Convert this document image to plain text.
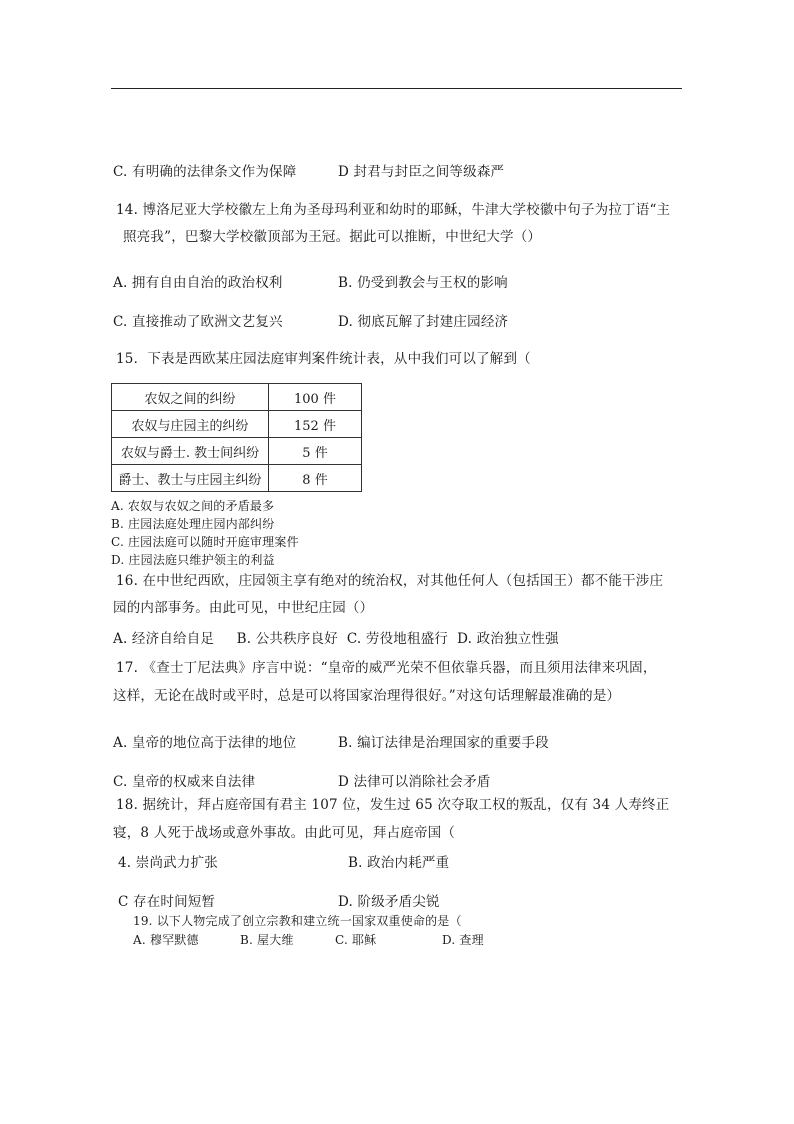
C. 有明确的法律条文作为保障	D 封君与封臣之间等级森严
14. 博洛尼亚大学校徽左上角为圣母玛利亚和幼时的耶稣，牛津大学校徽中句子为拉丁语“主
照亮我”，巴黎大学校徽顶部为王冠。据此可以推断，中世纪大学（）
A. 拥有自由自治的政治权利	B. 仍受到教会与王权的影响
C. 直接推动了欧洲文艺复兴	D. 彻底瓦解了封建庄园经济
15．下表是西欧某庄园法庭审判案件统计表，从中我们可以了解到（
农奴之间的纠纷	100 件
农奴与庄园主的纠纷	152 件
农奴与爵士. 教士间纠纷	5 件
爵士、教士与庄园主纠纷	8 件
A. 农奴与农奴之间的矛盾最多
B. 庄园法庭处理庄园内部纠纷
C. 庄园法庭可以随时开庭审理案件
D. 庄园法庭只维护领主的利益
16. 在中世纪西欧，庄园领主享有绝对的统治权，对其他任何人（包括国王）都不能干涉庄
园的内部事务。由此可见，中世纪庄园（）
A. 经济自给自足     B. 公共秩序良好  C. 劳役地租盛行  D. 政治独立性强
17. 《查士丁尼法典》序言中说：“皇帝的威严光荣不但依靠兵器，而且须用法律来巩固，
这样，无论在战时或平时，总是可以将国家治理得很好。”对这句话理解最准确的是）
A. 皇帝的地位高于法律的地位	B. 编订法律是治理国家的重要手段
C. 皇帝的权威来自法律	D 法律可以消除社会矛盾
18. 据统计，拜占庭帝国有君主 107 位，发生过 65 次夺取工权的叛乱，仅有 34 人寿终正
寝，8 人死于战场或意外事故。由此可见，拜占庭帝国（
4. 崇尚武力扩张	B. 政治内耗严重
C 存在时间短暂	D. 阶级矛盾尖锐
19. 以下人物完成了创立宗教和建立统一国家双重使命的是（
A. 穆罕默德	B. 屋大维	C. 耶稣	D. 查理
